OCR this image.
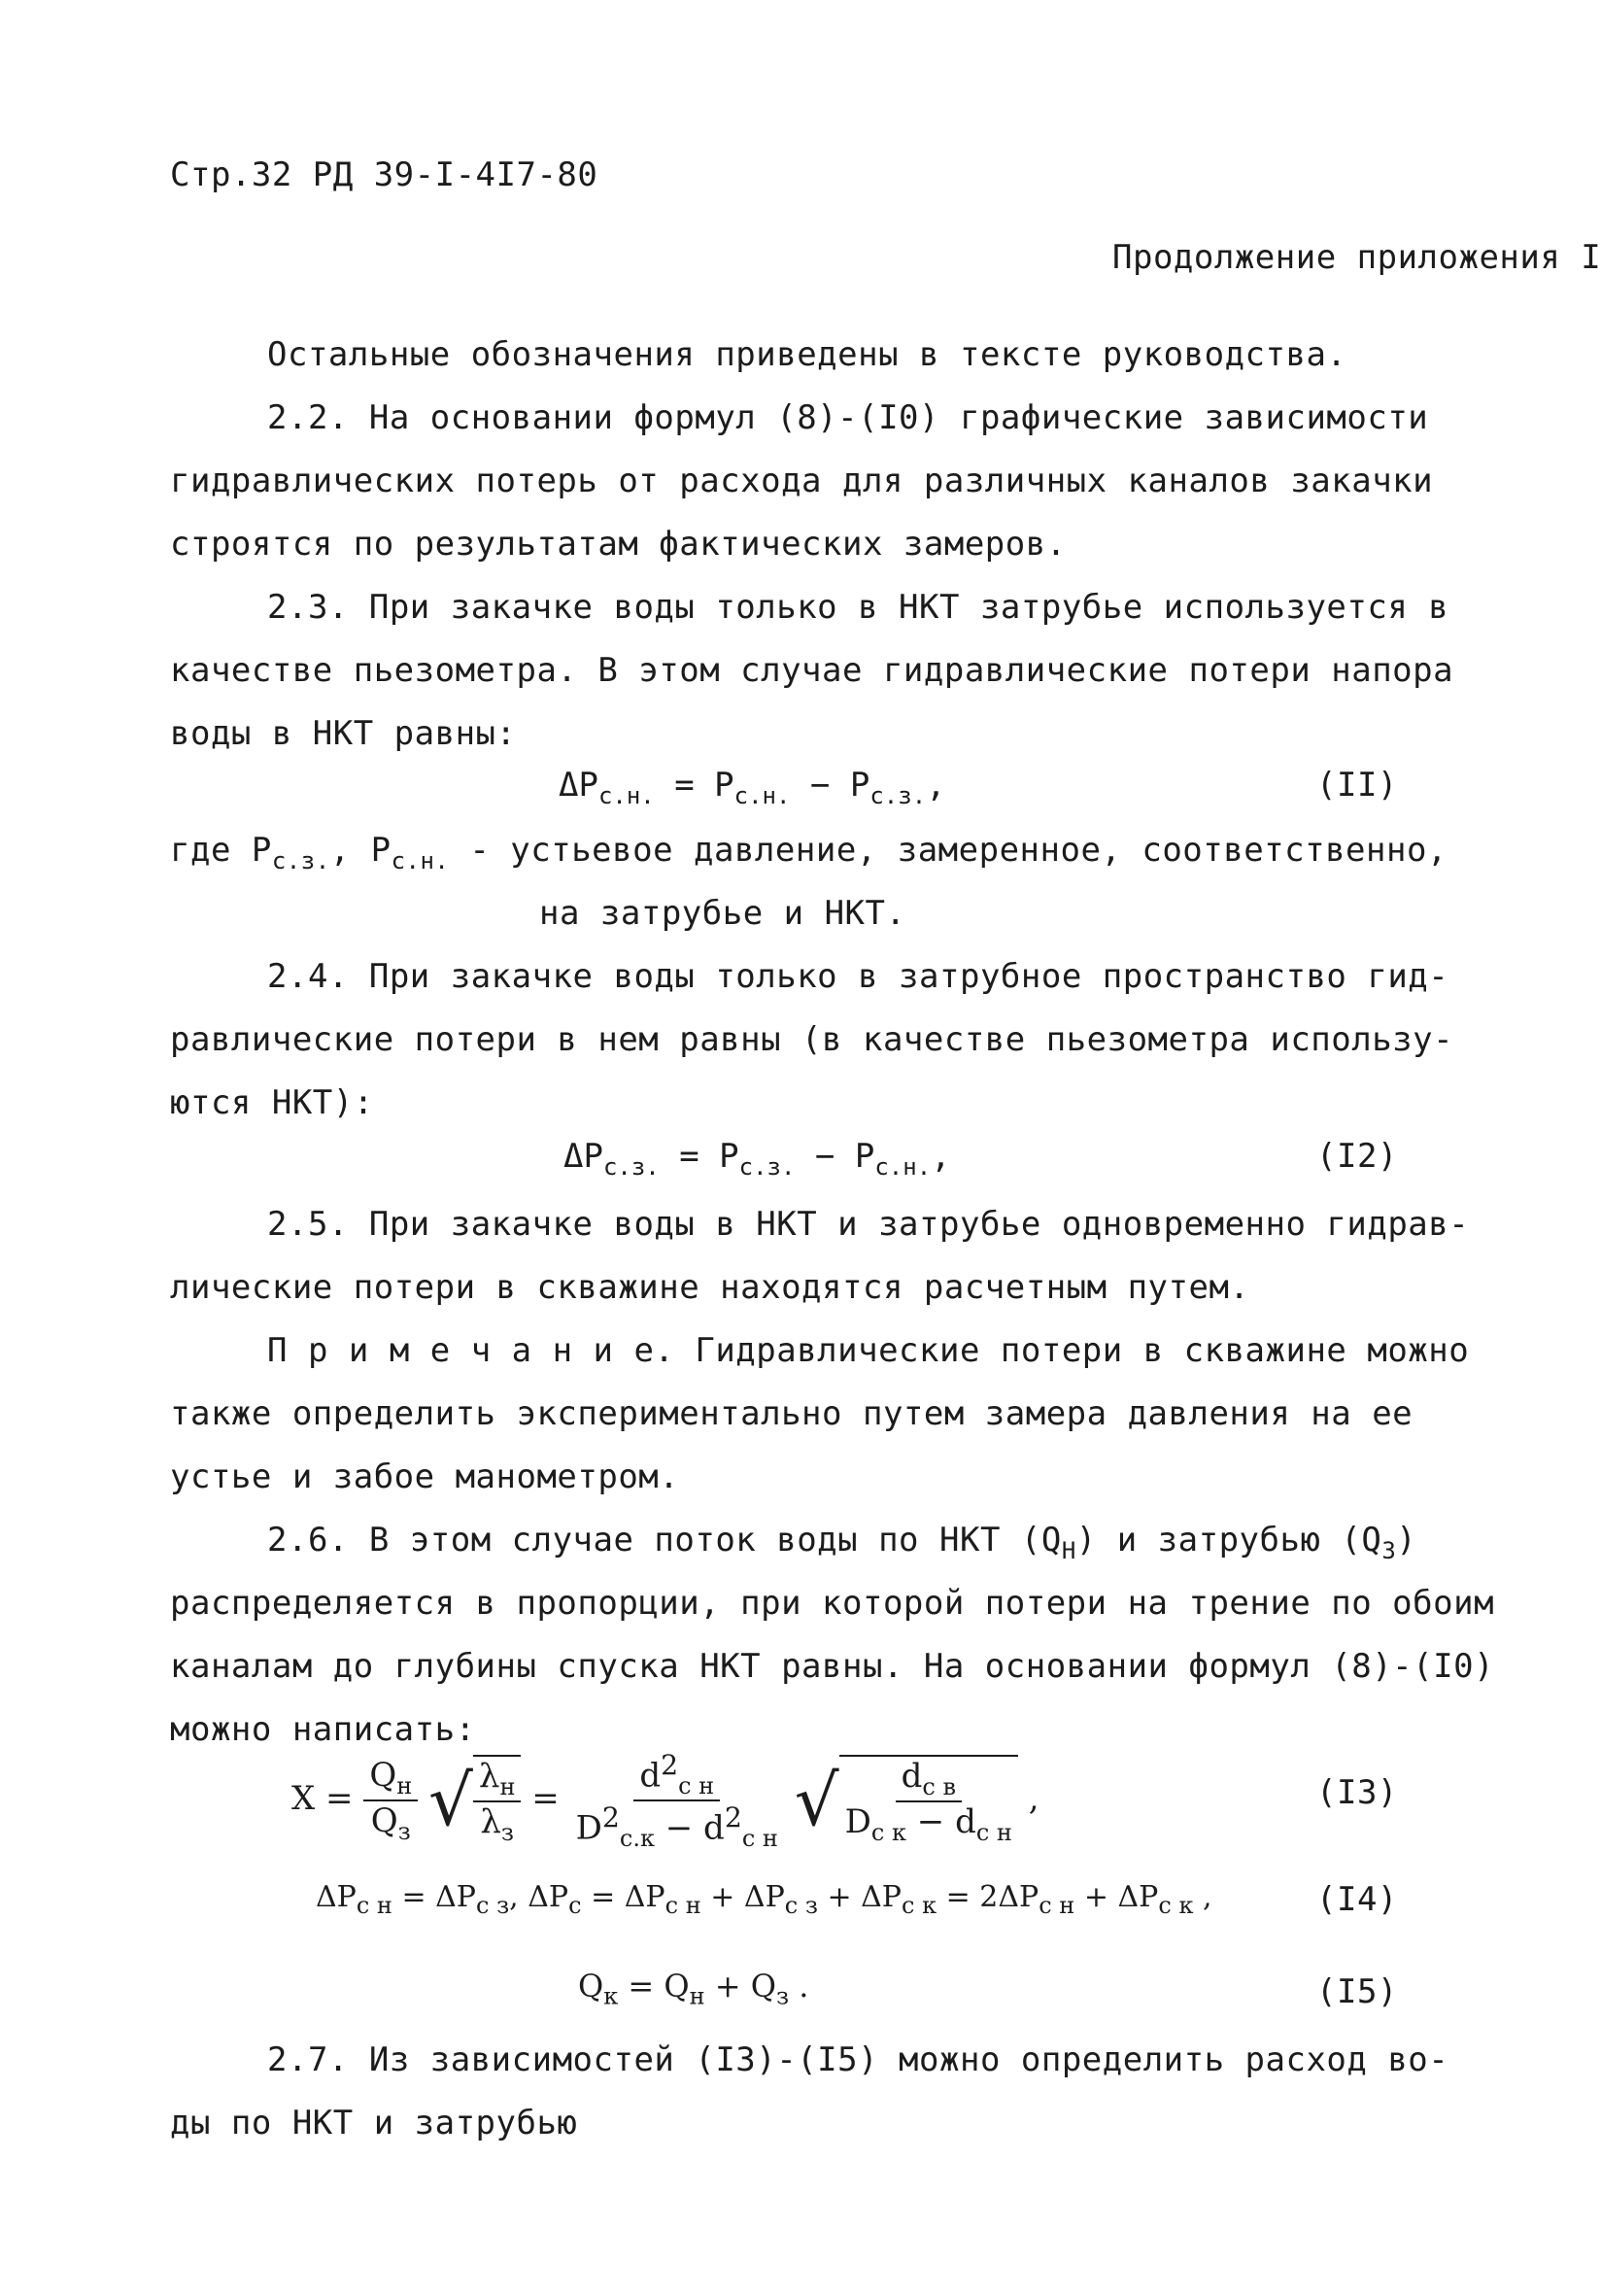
Стр.32 РД 39-I-4I7-80
Продолжение приложения I
Остальные обозначения приведены в тексте руководства.
2.2. На основании формул (8)-(I0) графические зависимости
гидравлических потерь от расхода для различных каналов закачки
строятся по результатам фактических замеров.
2.3. При закачке воды только в НКТ затрубье используется в
качестве пьезометра. В этом случае гидравлические потери напора
воды в НКТ равны:
$\Delta P_{с.н.} = P_{с.н.} - P_{с.з.}$,	(II)
где $P_{с.з.}$, $P_{с.н.}$ - устьевое давление, замеренное, соответственно,
на затрубье и НКТ.
2.4. При закачке воды только в затрубное пространство гид-
равлические потери в нем равны (в качестве пьезометра использу-
ются НКТ):
$\Delta P_{с.з.} = P_{с.з.} - P_{с.н.}$,	(I2)
2.5. При закачке воды в НКТ и затрубье одновременно гидрав-
лические потери в скважине находятся расчетным путем.
П р и м е ч а н и е. Гидравлические потери в скважине можно
также определить экспериментально путем замера давления на ее
устье и забое манометром.
2.6. В этом случае поток воды по НКТ $(Q_Н)$ и затрубью $(Q_З)$
распределяется в пропорции, при которой потери на трение по обоим
каналам до глубины спуска НКТ равны. На основании формул (8)-(I0)
можно написать:
$X = \frac{Q_н}{Q_з}$
√ $\frac{\lambda_н}{\lambda_з} = \frac{d^2_{с н}}{D^2_{с.к} - d^2_{с н}}$
√ $\frac{d_{с в}}{D_{с к} - d_{с н}}$ ,	(I3)
$\Delta P_{с н} = \Delta P_{с з}$, $\Delta P_с = \Delta P_{с н} + \Delta P_{с з} + \Delta P_{с к} = 2\Delta P_{с н} + \Delta P_{с к}$ ,	(I4)
$Q_к = Q_н + Q_з$ .	(I5)
2.7. Из зависимостей (I3)-(I5) можно определить расход во-
ды по НКТ и затрубью
